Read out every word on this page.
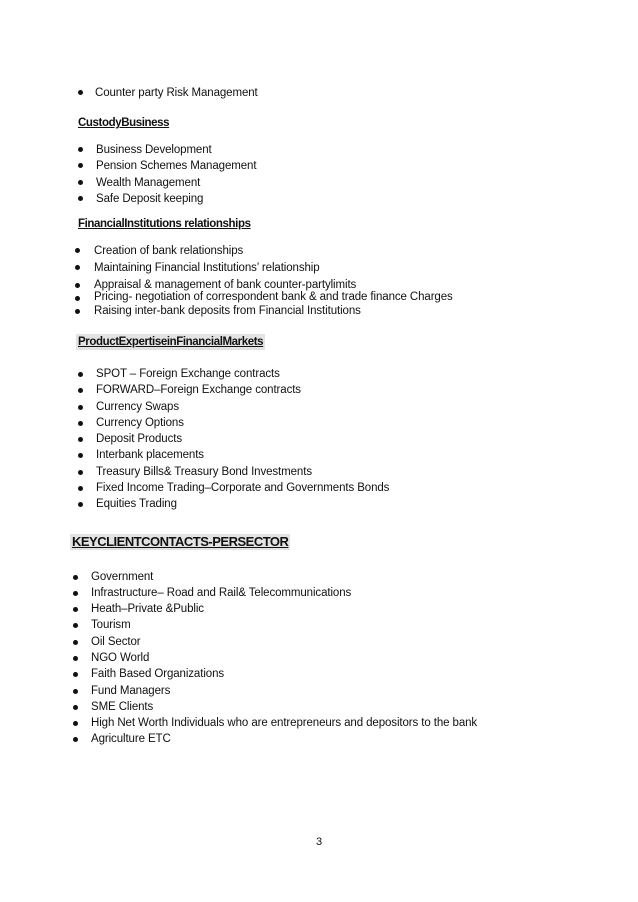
Counter party Risk Management
CustodyBusiness
Business Development
Pension Schemes Management
Wealth Management
Safe Deposit keeping
FinancialInstitutions relationships
Creation of bank relationships
Maintaining Financial Institutions’ relationship
Appraisal & management of bank counter-partylimits
Pricing- negotiation of correspondent bank & and trade finance Charges
Raising inter-bank deposits from Financial Institutions
ProductExpertiseinFinancialMarkets
SPOT – Foreign Exchange contracts
FORWARD–Foreign Exchange contracts
Currency Swaps
Currency Options
Deposit Products
Interbank placements
Treasury Bills& Treasury Bond Investments
Fixed Income Trading–Corporate and Governments Bonds
Equities Trading
KEYCLIENTCONTACTS-PERSECTOR
Government
Infrastructure– Road and Rail& Telecommunications
Heath–Private &Public
Tourism
Oil Sector
NGO World
Faith Based Organizations
Fund Managers
SME Clients
High Net Worth Individuals who are entrepreneurs and depositors to the bank
Agriculture ETC
3
